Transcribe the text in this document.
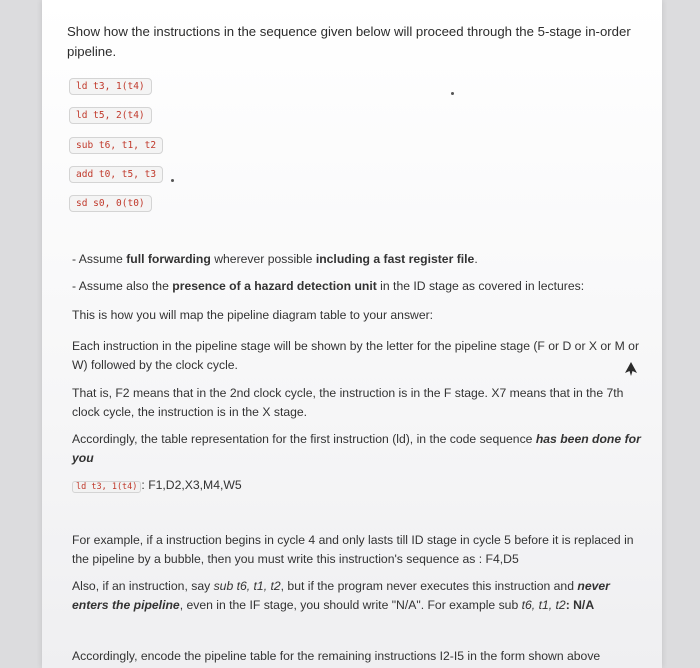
Show how the instructions in the sequence given below will proceed through the 5-stage in-order pipeline.
ld t3, 1(t4)
ld t5, 2(t4)
sub t6, t1, t2
add t0, t5, t3
sd s0, 0(t0)
- Assume full forwarding wherever possible including a fast register file.
- Assume also the presence of a hazard detection unit in the ID stage as covered in lectures:
This is how you will map the pipeline diagram table to your answer:
Each instruction in the pipeline stage will be shown by the letter for the pipeline stage (F or D or X or M or W) followed by the clock cycle.
That is, F2 means that in the 2nd clock cycle, the instruction is in the F stage. X7 means that in the 7th clock cycle, the instruction is in the X stage.
Accordingly, the table representation for the first instruction (ld), in the code sequence has been done for you
ld t3, 1(t4) : F1,D2,X3,M4,W5
For example, if a instruction begins in cycle 4 and only lasts till ID stage in cycle 5 before it is replaced in the pipeline by a bubble, then you must write this instruction's sequence as : F4,D5
Also, if an instruction, say sub t6, t1, t2, but if the program never executes this instruction and never enters the pipeline, even in the IF stage, you should write "N/A". For example sub t6, t1, t2: N/A
Accordingly, encode the pipeline table for the remaining instructions I2-I5 in the form shown above
